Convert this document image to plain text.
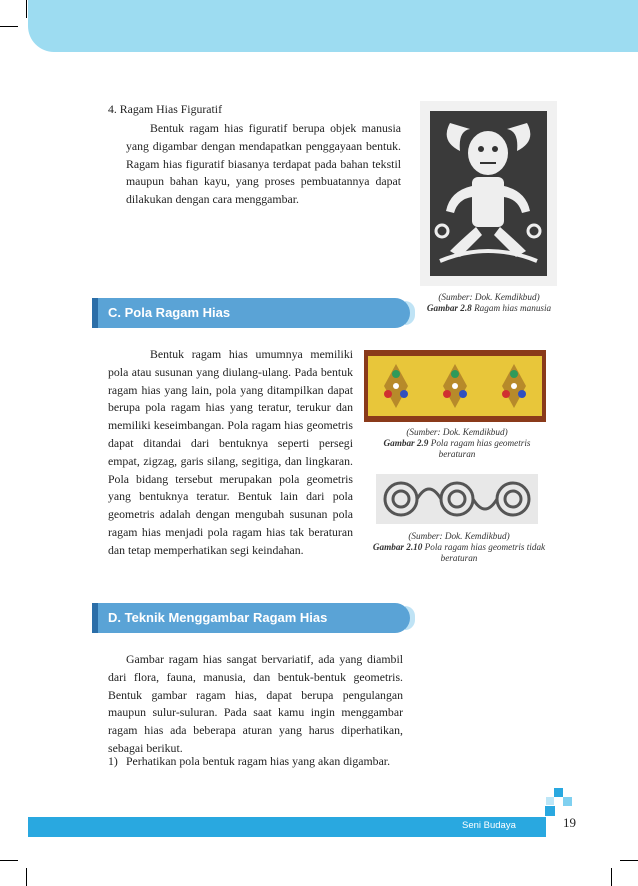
4. Ragam Hias Figuratif
Bentuk ragam hias figuratif berupa objek manusia yang digambar dengan mendapatkan penggayaan bentuk. Ragam hias figuratif biasanya terdapat pada bahan tekstil maupun bahan kayu, yang proses pembuatannya dapat dilakukan dengan cara menggambar.
(Sumber: Dok. Kemdikbud)
Gambar 2.8 Ragam hias manusia
C. Pola Ragam Hias
Bentuk ragam hias umumnya memiliki pola atau susunan yang diulang-ulang. Pada bentuk ragam hias yang lain, pola yang ditampilkan dapat berupa pola ragam hias yang teratur, terukur dan memiliki keseimbangan. Pola ragam hias geometris dapat ditandai dari bentuknya seperti persegi empat, zigzag, garis silang, segitiga, dan lingkaran. Pola bidang tersebut merupakan pola geometris yang bentuknya teratur. Bentuk lain dari pola geometris adalah dengan mengubah susunan pola ragam hias menjadi pola ragam hias tak beraturan dan tetap memperhatikan segi keindahan.
(Sumber: Dok. Kemdikbud)
Gambar 2.9 Pola ragam hias geometris beraturan
(Sumber: Dok. Kemdikbud)
Gambar 2.10 Pola ragam hias geometris tidak beraturan
D. Teknik Menggambar Ragam Hias
Gambar ragam hias sangat bervariatif, ada yang diambil dari flora, fauna, manusia, dan bentuk-bentuk geometris. Bentuk gambar ragam hias, dapat berupa pengulangan maupun sulur-suluran. Pada saat kamu ingin menggambar ragam hias ada beberapa aturan yang harus diperhatikan, sebagai berikut.
1) Perhatikan pola bentuk ragam hias yang akan digambar.
Seni Budaya	19
